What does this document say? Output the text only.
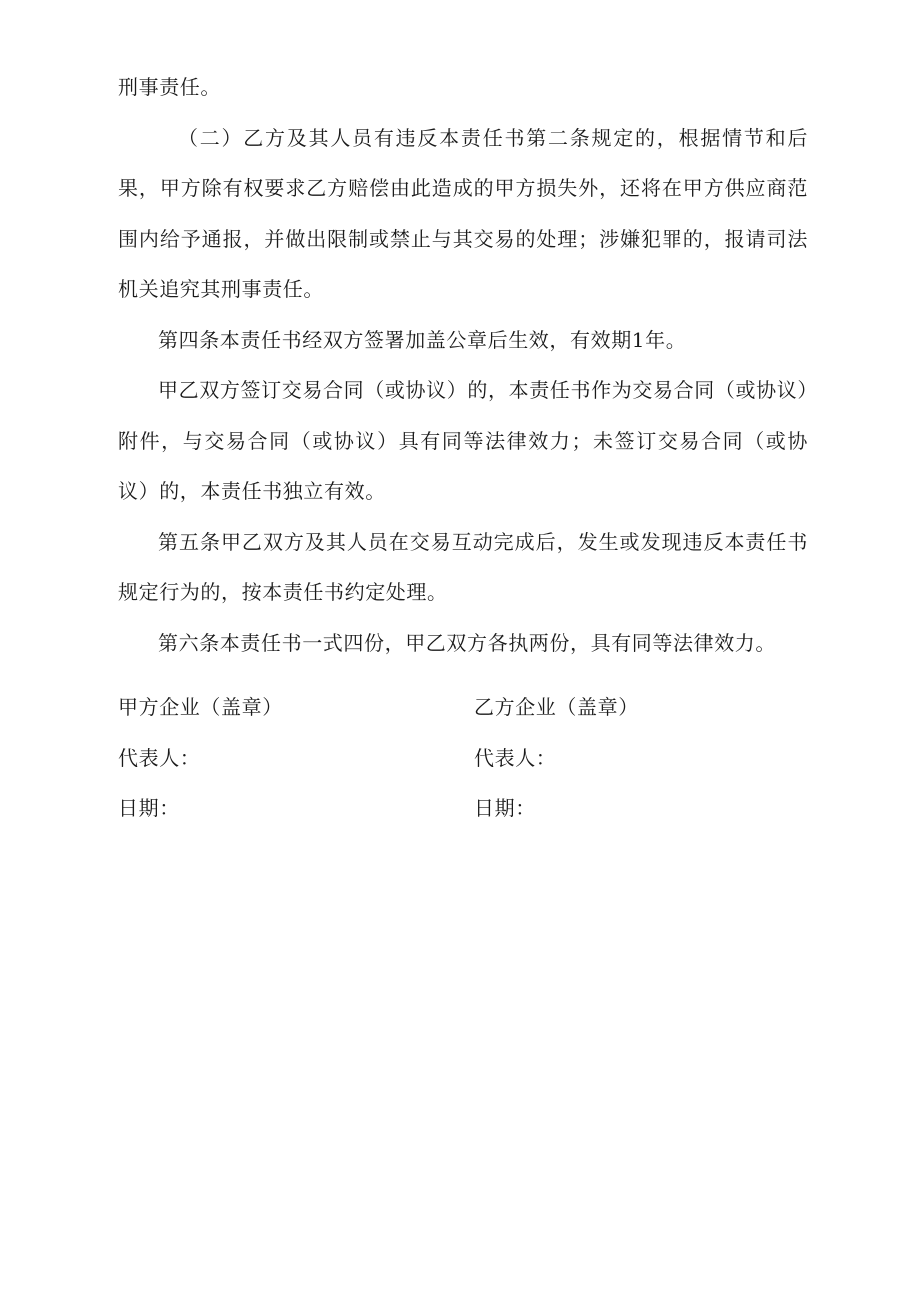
刑事责任。

（二）乙方及其人员有违反本责任书第二条规定的，根据情节和后果，甲方除有权要求乙方赔偿由此造成的甲方损失外，还将在甲方供应商范围内给予通报，并做出限制或禁止与其交易的处理；涉嫌犯罪的，报请司法机关追究其刑事责任。

第四条本责任书经双方签署加盖公章后生效，有效期1年。

甲乙双方签订交易合同（或协议）的，本责任书作为交易合同（或协议）附件，与交易合同（或协议）具有同等法律效力；未签订交易合同（或协议）的，本责任书独立有效。

第五条甲乙双方及其人员在交易互动完成后，发生或发现违反本责任书规定行为的，按本责任书约定处理。

第六条本责任书一式四份，甲乙双方各执两份，具有同等法律效力。

甲方企业（盖章）	乙方企业（盖章）
代表人：	代表人：
日期：	日期：
